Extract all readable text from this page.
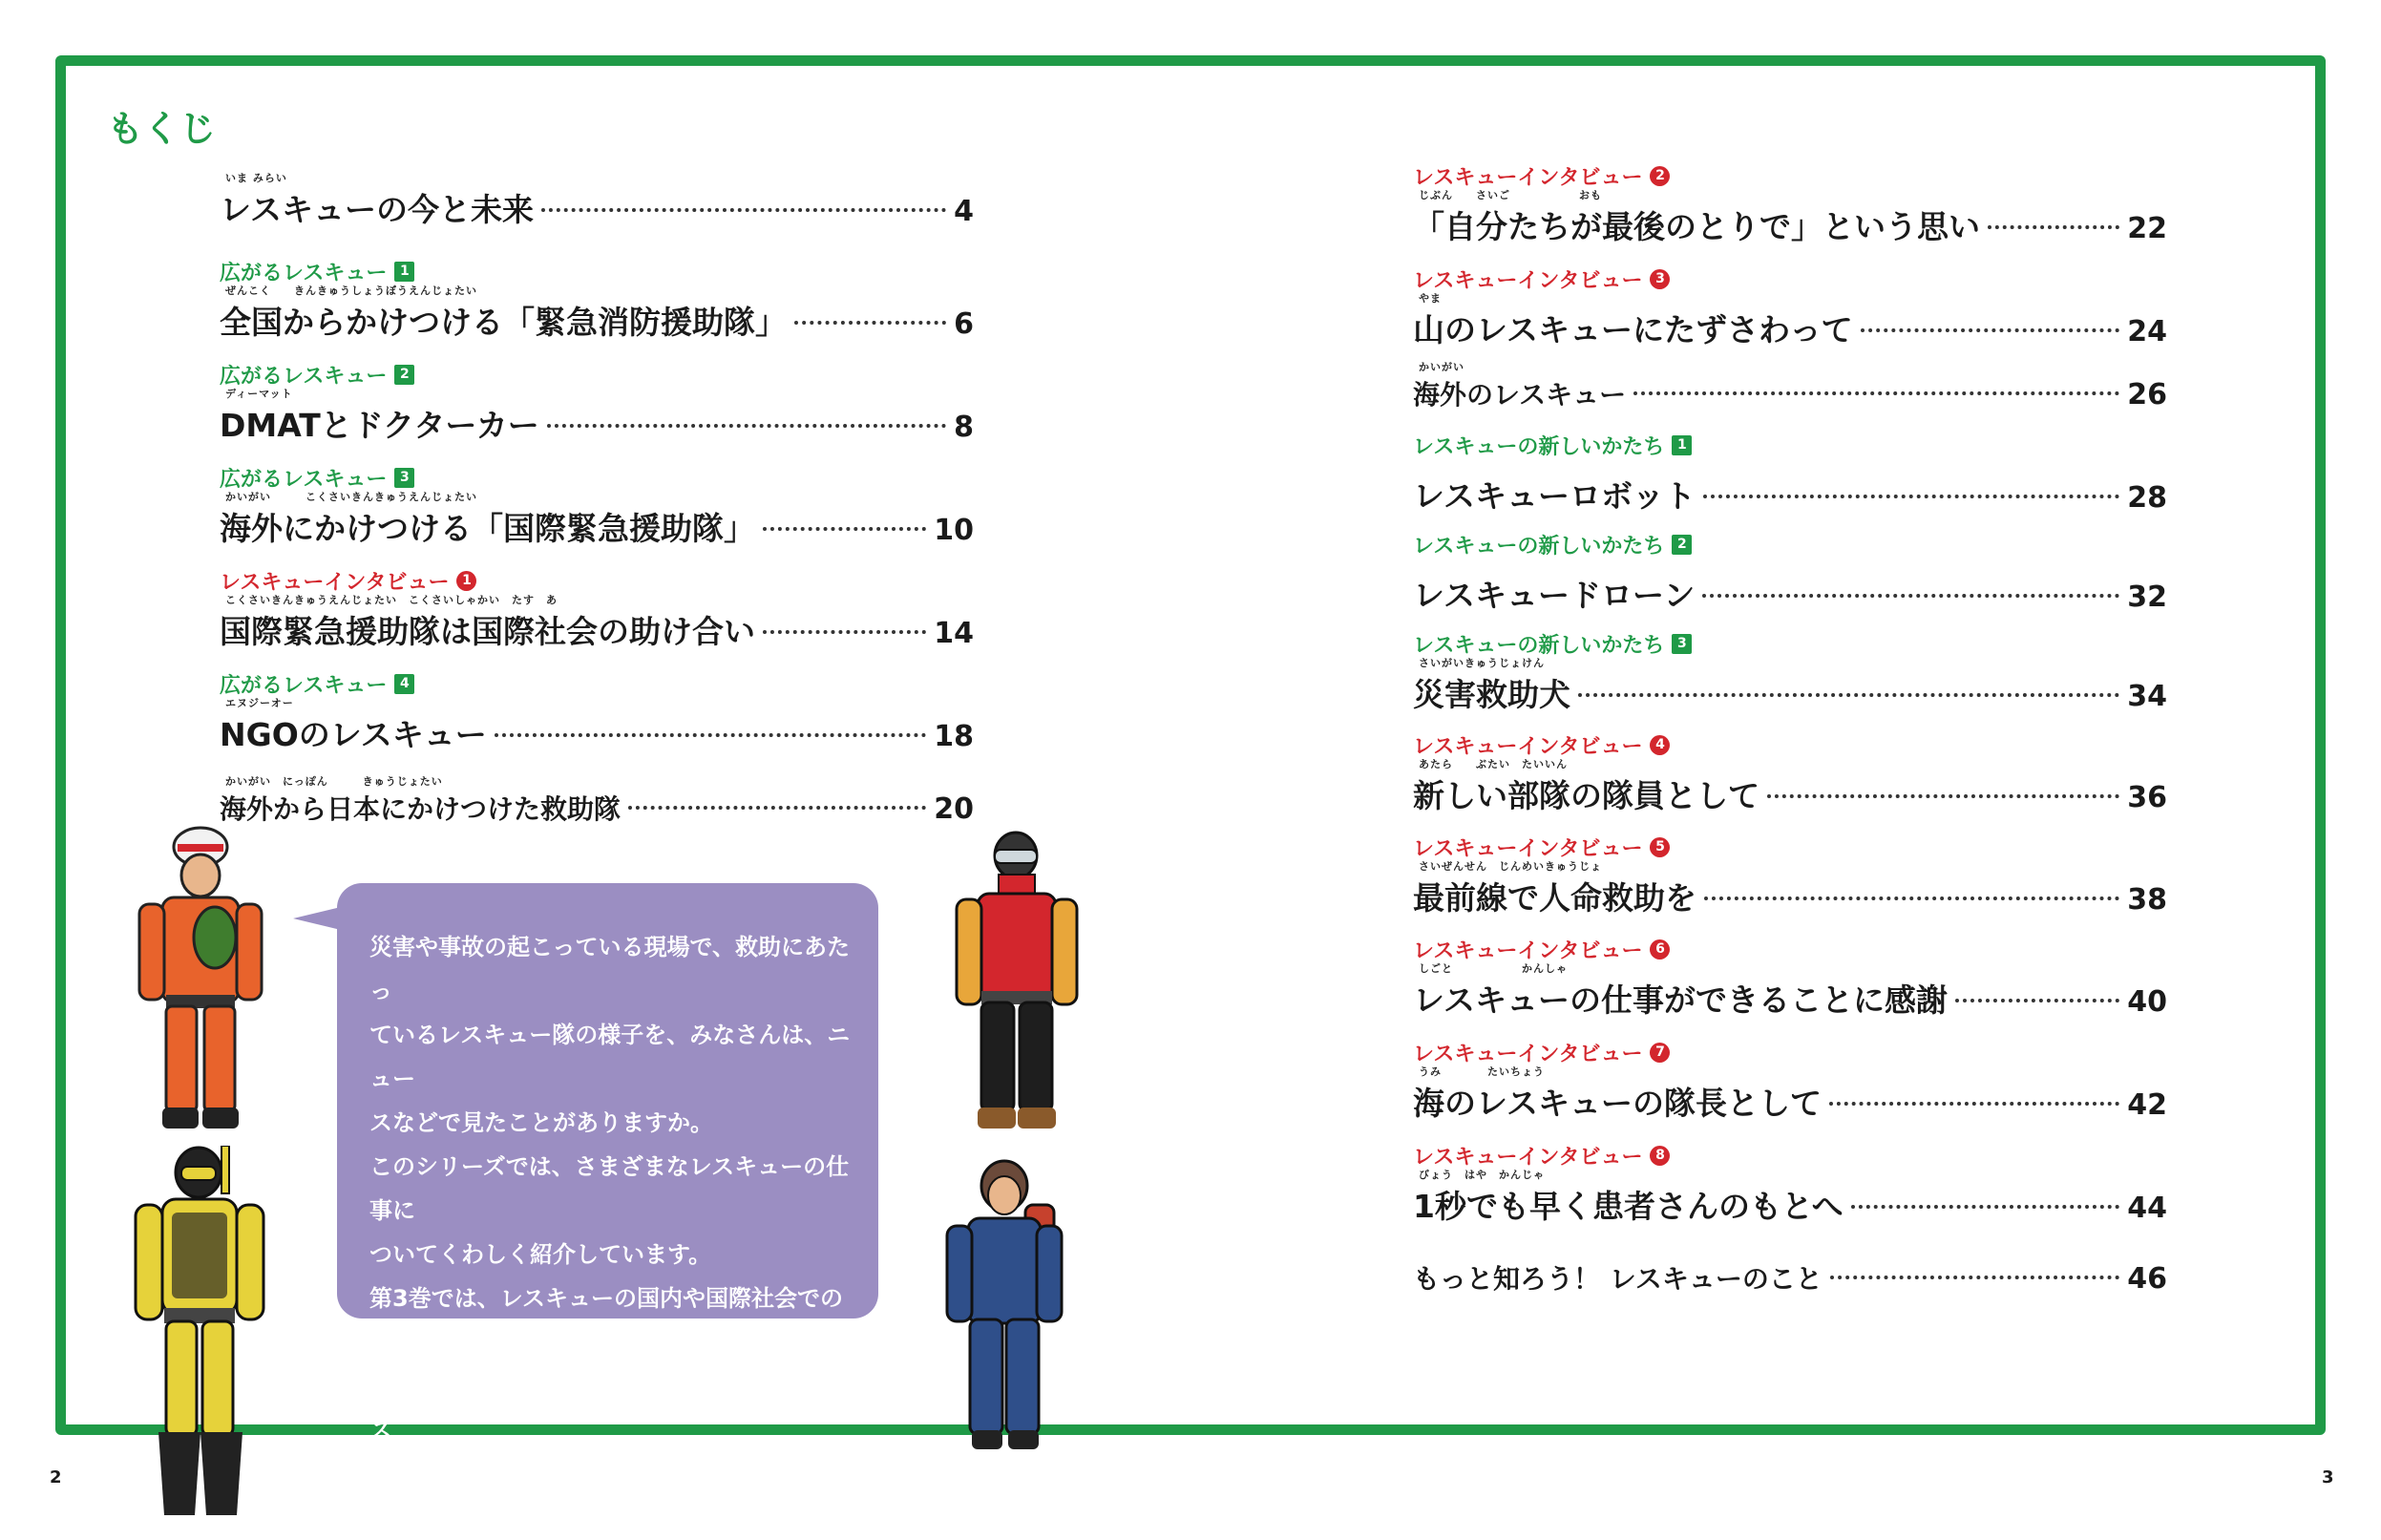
もくじ
いま みらい
レスキューの今と未来	4
広がるレスキュー 1
ぜんこく　　きんきゅうしょうぼうえんじょたい
全国からかけつける「緊急消防援助隊」	6
広がるレスキュー 2
ディーマット
DMATとドクターカー	8
広がるレスキュー 3
かいがい　　　こくさいきんきゅうえんじょたい
海外にかけつける「国際緊急援助隊」	10
レスキューインタビュー 1
こくさいきんきゅうえんじょたい　こくさいしゃかい　たす　あ
国際緊急援助隊は国際社会の助け合い	14
広がるレスキュー 4
エヌジーオー
NGOのレスキュー	18
かいがい　にっぽん　　　きゅうじょたい
海外から日本にかけつけた救助隊	20
レスキューインタビュー 2
じぶん　　さいご　　　　　　おも
「自分たちが最後のとりで」という思い	22
レスキューインタビュー 3
やま
山のレスキューにたずさわって	24
かいがい
海外のレスキュー	26
レスキューの新しいかたち 1
レスキューロボット	28
レスキューの新しいかたち 2
レスキュードローン	32
レスキューの新しいかたち 3
さいがいきゅうじょけん
災害救助犬	34
レスキューインタビュー 4
あたら　　ぶたい　たいいん
新しい部隊の隊員として	36
レスキューインタビュー 5
さいぜんせん　じんめいきゅうじょ
最前線で人命救助を	38
レスキューインタビュー 6
しごと　　　　　　かんしゃ
レスキューの仕事ができることに感謝	40
レスキューインタビュー 7
うみ　　　　たいちょう
海のレスキューの隊長として	42
レスキューインタビュー 8
びょう　はや　かんじゃ
1秒でも早く患者さんのもとへ	44
もっと知ろう！ レスキューのこと	46
災害や事故の起こっている現場で、救助にあたっ
ているレスキュー隊の様子を、みなさんは、ニュー
スなどで見たことがありますか。
このシリーズでは、さまざまなレスキューの仕事に
ついてくわしく紹介しています。
第3巻では、レスキューの国内や国際社会での協
力や新しい技術を見ていきましょう。また、レス
キューの仕事をしている人に話を聞いてみましょう。
2	3
